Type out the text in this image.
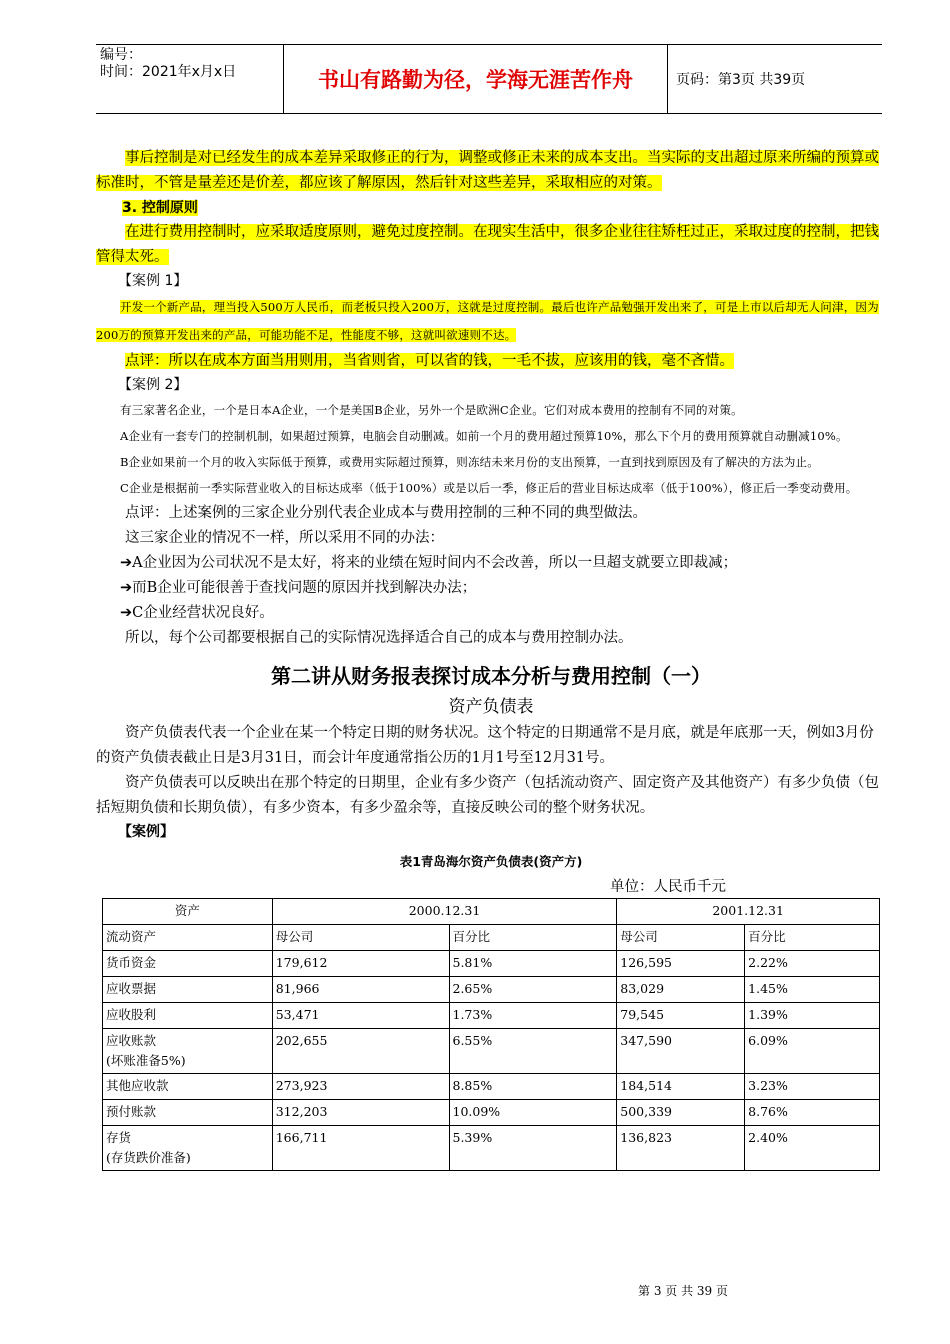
编号：
时间：2021年x月x日	书山有路勤为径，学海无涯苦作舟	页码：第3页 共39页

事后控制是对已经发生的成本差异采取修正的行为，调整或修正未来的成本支出。当实际的支出超过原来所编的预算或标准时，不管是量差还是价差，都应该了解原因，然后针对这些差异，采取相应的对策。

3. 控制原则

在进行费用控制时，应采取适度原则，避免过度控制。在现实生活中，很多企业往往矫枉过正，采取过度的控制，把钱管得太死。

【案例 1】

开发一个新产品，理当投入500万人民币，而老板只投入200万，这就是过度控制。最后也许产品勉强开发出来了，可是上市以后却无人问津，因为200万的预算开发出来的产品，可能功能不足，性能度不够，这就叫欲速则不达。

点评：所以在成本方面当用则用，当省则省，可以省的钱，一毛不拔，应该用的钱，毫不吝惜。

【案例 2】

有三家著名企业，一个是日本A企业，一个是美国B企业，另外一个是欧洲C企业。它们对成本费用的控制有不同的对策。

A企业有一套专门的控制机制，如果超过预算，电脑会自动删减。如前一个月的费用超过预算10%，那么下个月的费用预算就自动删减10%。

B企业如果前一个月的收入实际低于预算，或费用实际超过预算，则冻结未来月份的支出预算，一直到找到原因及有了解决的方法为止。

C企业是根据前一季实际营业收入的目标达成率（低于100%）或是以后一季，修正后的营业目标达成率（低于100%），修正后一季变动费用。

点评：上述案例的三家企业分别代表企业成本与费用控制的三种不同的典型做法。

这三家企业的情况不一样，所以采用不同的办法：

➔A企业因为公司状况不是太好，将来的业绩在短时间内不会改善，所以一旦超支就要立即裁减；

➔而B企业可能很善于查找问题的原因并找到解决办法；

➔C企业经营状况良好。

所以，每个公司都要根据自己的实际情况选择适合自己的成本与费用控制办法。

第二讲从财务报表探讨成本分析与费用控制（一）

资产负债表

资产负债表代表一个企业在某一个特定日期的财务状况。这个特定的日期通常不是月底，就是年底那一天，例如3月份的资产负债表截止日是3月31日，而会计年度通常指公历的1月1号至12月31号。

资产负债表可以反映出在那个特定的日期里，企业有多少资产（包括流动资产、固定资产及其他资产）有多少负债（包括短期负债和长期负债），有多少资本，有多少盈余等，直接反映公司的整个财务状况。

【案例】

表1青岛海尔资产负债表(资产方)

单位：人民币千元

资产	2000.12.31		2001.12.31	
流动资产	母公司	百分比	母公司	百分比

货币资金	179,612	5.81%	126,595	2.22%

应收票据	81,966	2.65%	83,029	1.45%

应收股利	53,471	1.73%	79,545	1.39%

应收账款
(坏账准备5%)	202,655	6.55%	347,590	6.09%

其他应收款	273,923	8.85%	184,514	3.23%

预付账款	312,203	10.09%	500,339	8.76%

存货
(存货跌价准备)	166,711	5.39%	136,823	2.40%
第 3 页 共 39 页
